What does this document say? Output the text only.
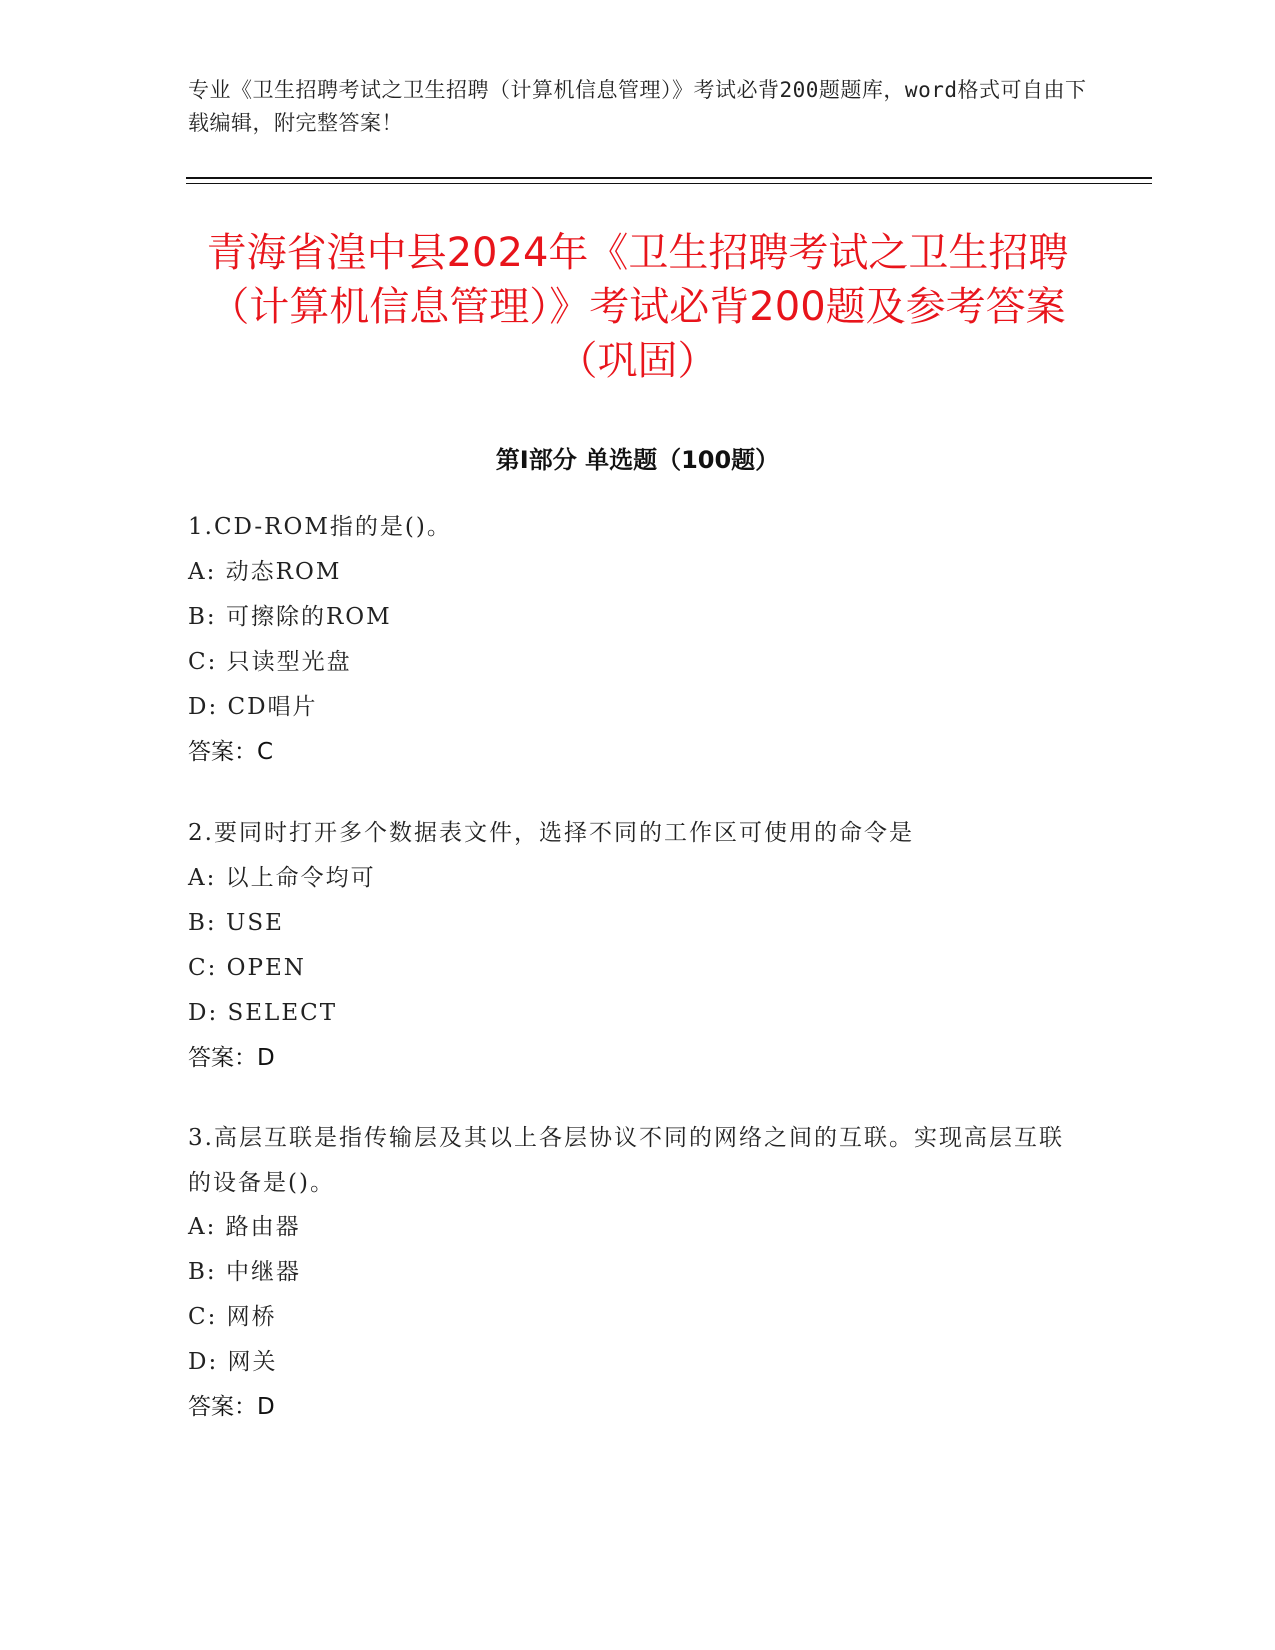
专业《卫生招聘考试之卫生招聘（计算机信息管理）》考试必背200题题库，word格式可自由下载编辑，附完整答案！
青海省湟中县2024年《卫生招聘考试之卫生招聘（计算机信息管理）》考试必背200题及参考答案（巩固）
第Ⅰ部分 单选题（100题）

1.CD-ROM指的是()。

A: 动态ROM

B: 可擦除的ROM

C: 只读型光盘

D: CD唱片

答案：C

2.要同时打开多个数据表文件，选择不同的工作区可使用的命令是

A: 以上命令均可

B: USE

C: OPEN

D: SELECT

答案：D

3.高层互联是指传输层及其以上各层协议不同的网络之间的互联。实现高层互联的设备是()。

A: 路由器

B: 中继器

C: 网桥

D: 网关

答案：D
